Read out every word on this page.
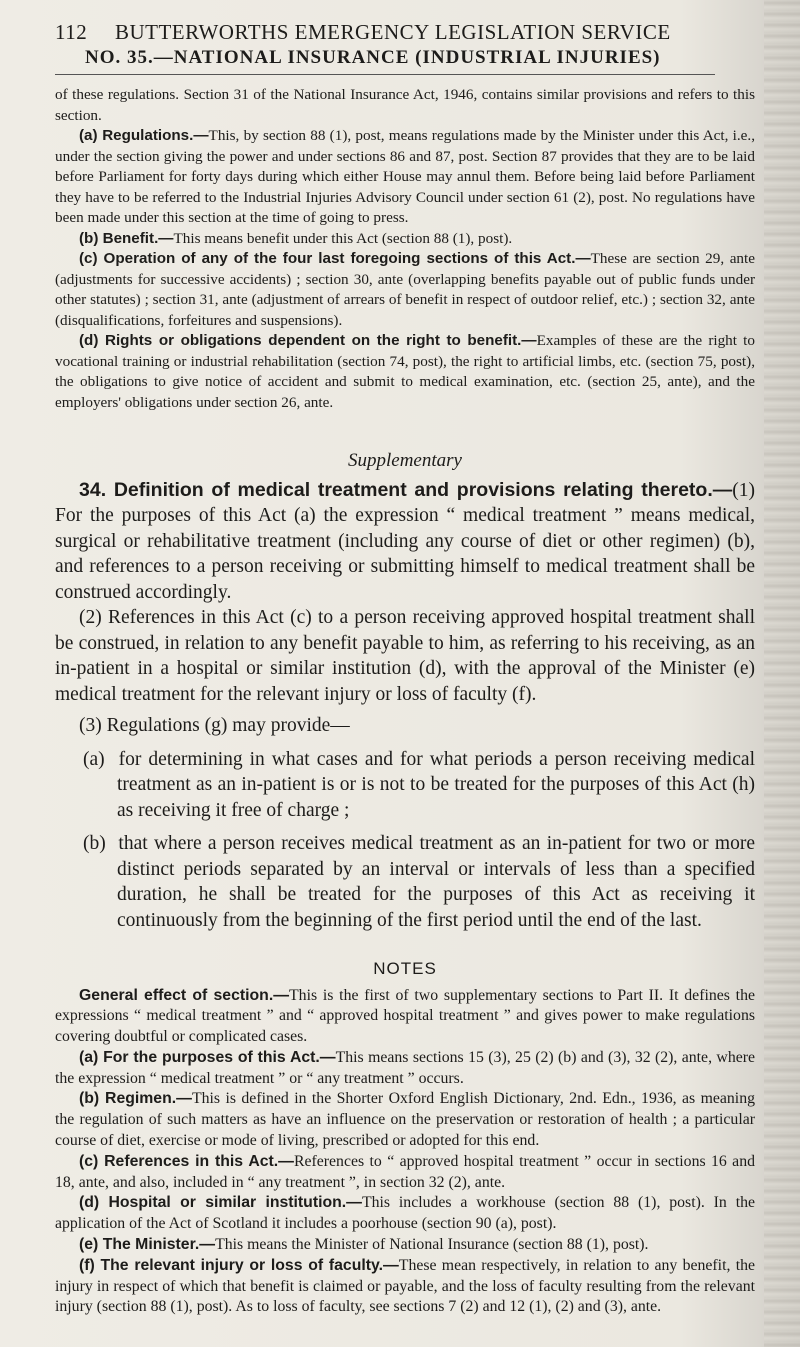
112 BUTTERWORTHS EMERGENCY LEGISLATION SERVICE
NO. 35.—NATIONAL INSURANCE (INDUSTRIAL INJURIES)

of these regulations. Section 31 of the National Insurance Act, 1946, contains similar provisions and refers to this section.

(a) Regulations.—This, by section 88 (1), post, means regulations made by the Minister under this Act, i.e., under the section giving the power and under sections 86 and 87, post. Section 87 provides that they are to be laid before Parliament for forty days during which either House may annul them. Before being laid before Parliament they have to be referred to the Industrial Injuries Advisory Council under section 61 (2), post. No regulations have been made under this section at the time of going to press.

(b) Benefit.—This means benefit under this Act (section 88 (1), post).

(c) Operation of any of the four last foregoing sections of this Act.—These are section 29, ante (adjustments for successive accidents) ; section 30, ante (overlapping benefits payable out of public funds under other statutes) ; section 31, ante (adjustment of arrears of benefit in respect of outdoor relief, etc.) ; section 32, ante (disqualifications, forfeitures and suspensions).

(d) Rights or obligations dependent on the right to benefit.—Examples of these are the right to vocational training or industrial rehabilitation (section 74, post), the right to artificial limbs, etc. (section 75, post), the obligations to give notice of accident and submit to medical examination, etc. (section 25, ante), and the employers' obligations under section 26, ante.

Supplementary

34. Definition of medical treatment and provisions relating thereto.—(1) For the purposes of this Act (a) the expression “ medical treatment ” means medical, surgical or rehabilitative treatment (including any course of diet or other regimen) (b), and references to a person receiving or submitting himself to medical treatment shall be construed accordingly.

(2) References in this Act (c) to a person receiving approved hospital treatment shall be construed, in relation to any benefit payable to him, as referring to his receiving, as an in-patient in a hospital or similar institution (d), with the approval of the Minister (e) medical treatment for the relevant injury or loss of faculty (f).

(3) Regulations (g) may provide—

(a) for determining in what cases and for what periods a person receiving medical treatment as an in-patient is or is not to be treated for the purposes of this Act (h) as receiving it free of charge ;

(b) that where a person receives medical treatment as an in-patient for two or more distinct periods separated by an interval or intervals of less than a specified duration, he shall be treated for the purposes of this Act as receiving it continuously from the beginning of the first period until the end of the last.

NOTES

General effect of section.—This is the first of two supplementary sections to Part II. It defines the expressions “ medical treatment ” and “ approved hospital treatment ” and gives power to make regulations covering doubtful or complicated cases.

(a) For the purposes of this Act.—This means sections 15 (3), 25 (2) (b) and (3), 32 (2), ante, where the expression “ medical treatment ” or “ any treatment ” occurs.

(b) Regimen.—This is defined in the Shorter Oxford English Dictionary, 2nd. Edn., 1936, as meaning the regulation of such matters as have an influence on the preservation or restoration of health ; a particular course of diet, exercise or mode of living, prescribed or adopted for this end.

(c) References in this Act.—References to “ approved hospital treatment ” occur in sections 16 and 18, ante, and also, included in “ any treatment ”, in section 32 (2), ante.

(d) Hospital or similar institution.—This includes a workhouse (section 88 (1), post). In the application of the Act of Scotland it includes a poorhouse (section 90 (a), post).

(e) The Minister.—This means the Minister of National Insurance (section 88 (1), post).

(f) The relevant injury or loss of faculty.—These mean respectively, in relation to any benefit, the injury in respect of which that benefit is claimed or payable, and the loss of faculty resulting from the relevant injury (section 88 (1), post). As to loss of faculty, see sections 7 (2) and 12 (1), (2) and (3), ante.
